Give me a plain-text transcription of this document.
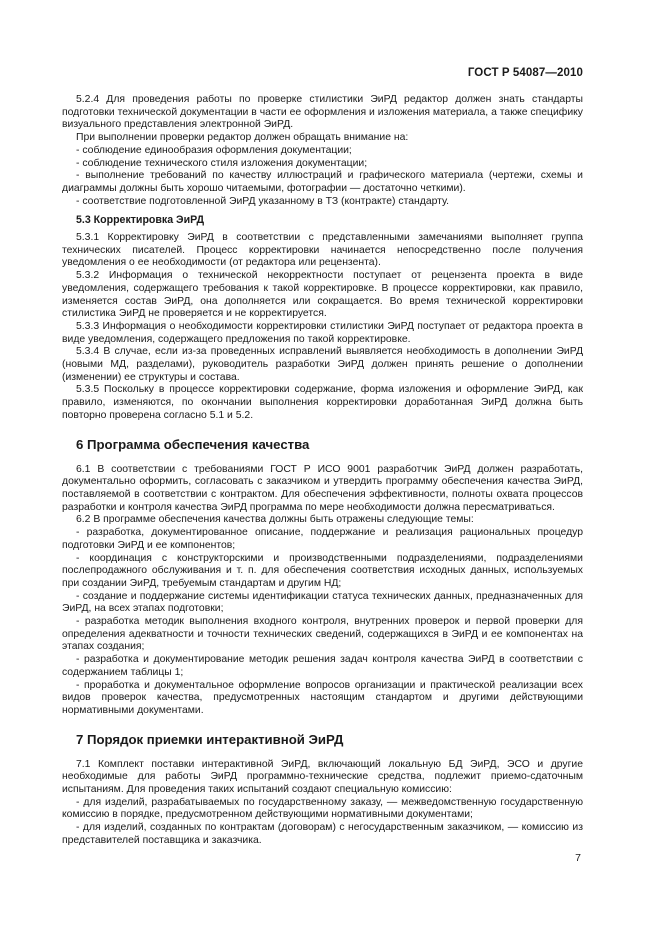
ГОСТ Р 54087—2010

5.2.4 Для проведения работы по проверке стилистики ЭиРД редактор должен знать стандарты подготовки технической документации в части ее оформления и изложения материала, а также специфику визуального представления электронной ЭиРД.

При выполнении проверки редактор должен обращать внимание на:

- соблюдение единообразия оформления документации;

- соблюдение технического стиля изложения документации;

- выполнение требований по качеству иллюстраций и графического материала (чертежи, схемы и диаграммы должны быть хорошо читаемыми, фотографии — достаточно четкими).

- соответствие подготовленной ЭиРД указанному в ТЗ (контракте) стандарту.

5.3 Корректировка ЭиРД

5.3.1 Корректировку ЭиРД в соответствии с представленными замечаниями выполняет группа технических писателей. Процесс корректировки начинается непосредственно после получения уведомления о ее необходимости (от редактора или рецензента).

5.3.2 Информация о технической некорректности поступает от рецензента проекта в виде уведомления, содержащего требования к такой корректировке. В процессе корректировки, как правило, изменяется состав ЭиРД, она дополняется или сокращается. Во время технической корректировки стилистика ЭиРД не проверяется и не корректируется.

5.3.3 Информация о необходимости корректировки стилистики ЭиРД поступает от редактора проекта в виде уведомления, содержащего предложения по такой корректировке.

5.3.4 В случае, если из-за проведенных исправлений выявляется необходимость в дополнении ЭиРД (новыми МД, разделами), руководитель разработки ЭиРД должен принять решение о дополнении (изменении) ее структуры и состава.

5.3.5 Поскольку в процессе корректировки содержание, форма изложения и оформление ЭиРД, как правило, изменяются, по окончании выполнения корректировки доработанная ЭиРД должна быть повторно проверена согласно 5.1 и 5.2.

6 Программа обеспечения качества

6.1 В соответствии с требованиями ГОСТ Р ИСО 9001 разработчик ЭиРД должен разработать, документально оформить, согласовать с заказчиком и утвердить программу обеспечения качества ЭиРД, поставляемой в соответствии с контрактом. Для обеспечения эффективности, полноты охвата процессов разработки и контроля качества ЭиРД программа по мере необходимости должна пересматриваться.

6.2 В программе обеспечения качества должны быть отражены следующие темы:

- разработка, документированное описание, поддержание и реализация рациональных процедур подготовки ЭиРД и ее компонентов;

- координация с конструкторскими и производственными подразделениями, подразделениями послепродажного обслуживания и т. п. для обеспечения соответствия исходных данных, используемых при создании ЭиРД, требуемым стандартам и другим НД;

- создание и поддержание системы идентификации статуса технических данных, предназначенных для ЭиРД, на всех этапах подготовки;

- разработка методик выполнения входного контроля, внутренних проверок и первой проверки для определения адекватности и точности технических сведений, содержащихся в ЭиРД и ее компонентах на этапах создания;

- разработка и документирование методик решения задач контроля качества ЭиРД в соответствии с содержанием таблицы 1;

- проработка и документальное оформление вопросов организации и практической реализации всех видов проверок качества, предусмотренных настоящим стандартом и другими действующими нормативными документами.

7 Порядок приемки интерактивной ЭиРД

7.1 Комплект поставки интерактивной ЭиРД, включающий локальную БД ЭиРД, ЭСО и другие необходимые для работы ЭиРД программно-технические средства, подлежит приемо-сдаточным испытаниям. Для проведения таких испытаний создают специальную комиссию:

- для изделий, разрабатываемых по государственному заказу, — межведомственную государственную комиссию в порядке, предусмотренном действующими нормативными документами;

- для изделий, созданных по контрактам (договорам) с негосударственным заказчиком, — комиссию из представителей поставщика и заказчика.

7
